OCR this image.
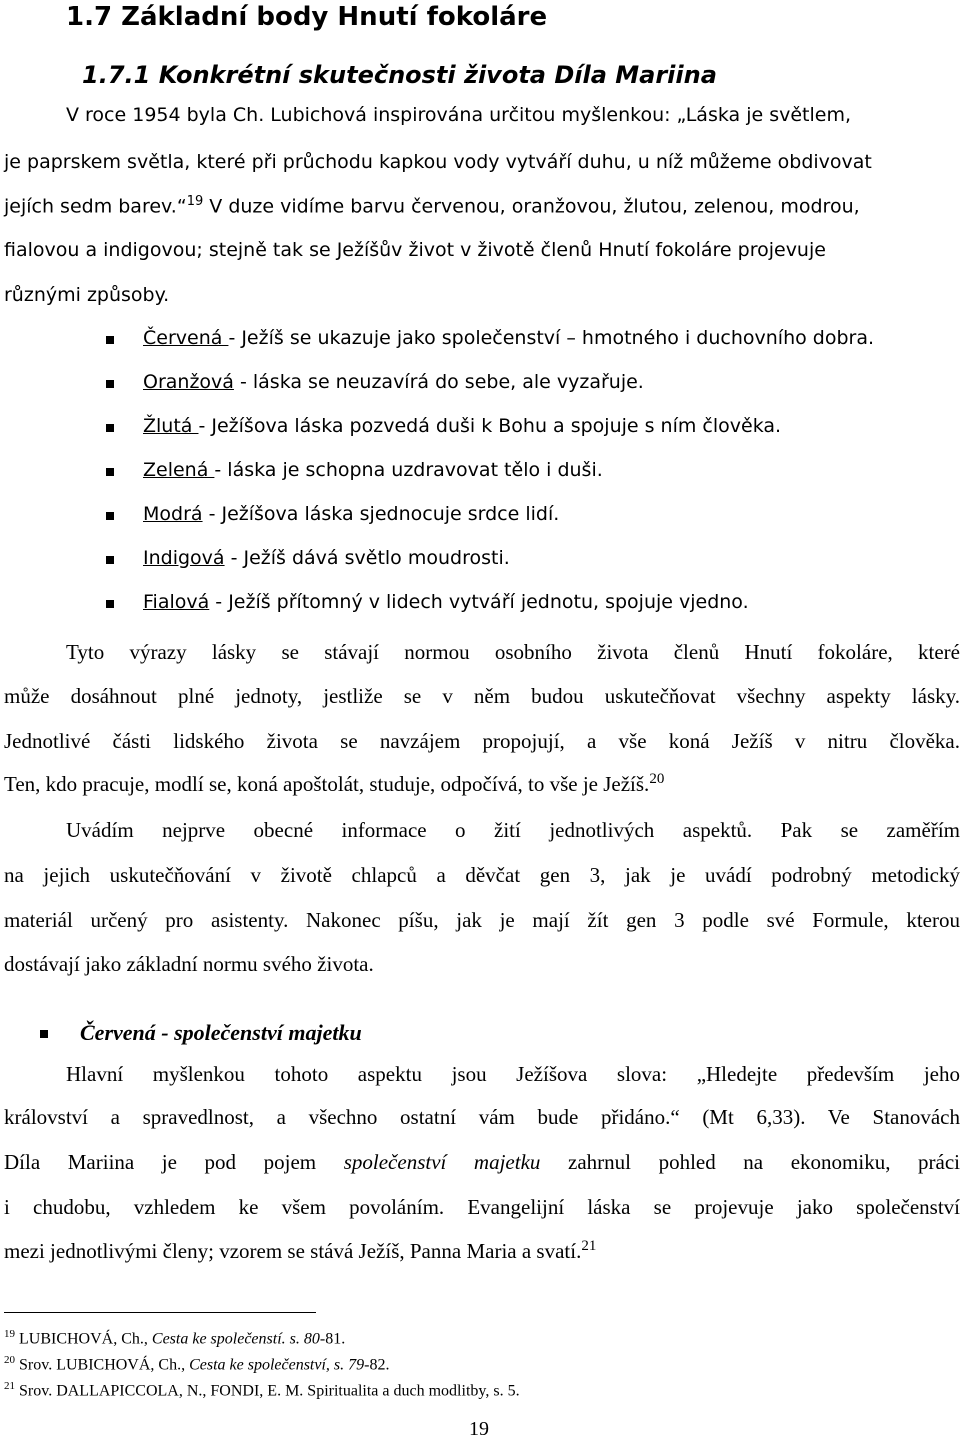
1.7 Základní body Hnutí fokoláre
1.7.1 Konkrétní skutečnosti života Díla Mariina
V roce 1954 byla Ch. Lubichová inspirována určitou myšlenkou: „Láska je světlem,
je paprskem světla, které při průchodu kapkou vody vytváří duhu, u níž můžeme obdivovat
jejích sedm barev.“$^{19}$ V duze vidíme barvu červenou, oranžovou, žlutou, zelenou, modrou,
fialovou a indigovou; stejně tak se Ježíšův život v životě členů Hnutí fokoláre projevuje
různými způsoby.
Červená - Ježíš se ukazuje jako společenství – hmotného i duchovního dobra.
Oranžová - láska se neuzavírá do sebe, ale vyzařuje.
Žlutá - Ježíšova láska pozvedá duši k Bohu a spojuje s ním člověka.
Zelená - láska je schopna uzdravovat tělo i duši.
Modrá - Ježíšova láska sjednocuje srdce lidí.
Indigová - Ježíš dává světlo moudrosti.
Fialová - Ježíš přítomný v lidech vytváří jednotu, spojuje vjedno.
Tyto výrazy lásky se stávají normou osobního života členů Hnutí fokoláre, které
může dosáhnout plné jednoty, jestliže se v něm budou uskutečňovat všechny aspekty lásky.
Jednotlivé části lidského života se navzájem propojují, a vše koná Ježíš v nitru člověka.
Ten, kdo pracuje, modlí se, koná apoštolát, studuje, odpočívá, to vše je Ježíš.$^{20}$
Uvádím nejprve obecné informace o žití jednotlivých aspektů. Pak se zaměřím
na jejich uskutečňování v životě chlapců a děvčat gen 3, jak je uvádí podrobný metodický
materiál určený pro asistenty. Nakonec píšu, jak je mají žít gen 3 podle své Formule, kterou
dostávají jako základní normu svého života.
Červená - společenství majetku
Hlavní myšlenkou tohoto aspektu jsou Ježíšova slova: „Hledejte především jeho
království a spravedlnost, a všechno ostatní vám bude přidáno.“ (Mt 6,33). Ve Stanovách
Díla Mariina je pod pojem společenství majetku zahrnul pohled na ekonomiku, práci
i chudobu, vzhledem ke všem povoláním. Evangelijní láska se projevuje jako společenství
mezi jednotlivými členy; vzorem se stává Ježíš, Panna Maria a svatí.$^{21}$
$^{19}$ LUBICHOVÁ, Ch., Cesta ke společenstí. s. 80-81.
$^{20}$ Srov. LUBICHOVÁ, Ch., Cesta ke společenství, s. 79-82.
$^{21}$ Srov. DALLAPICCOLA, N., FONDI, E. M. Spiritualita a duch modlitby, s. 5.
19
